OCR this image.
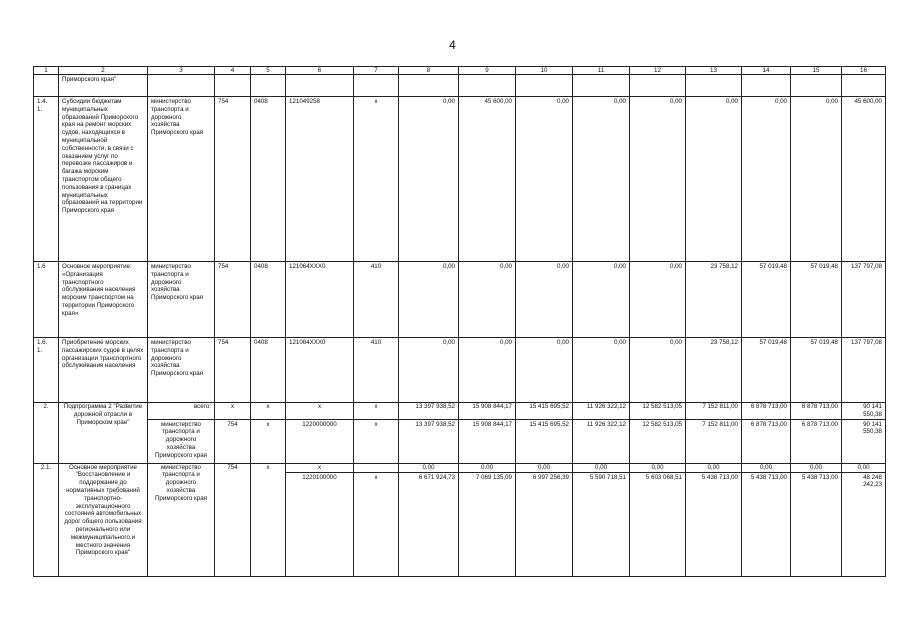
4
1	2	3	4	5	6	7	8	9	10	11	12	13	14	15	16
	Приморского края"														
1.4.
1.	Субсидии бюджетам муниципальных образований Приморского края на ремонт морских судов, находящихся в муниципальной собственности, в связи с оказанием услуг по перевозке пассажиров и багажа морским транспортом общего пользования в границах муниципальных образований на территории Приморского края	министерство транспорта и дорожного хозяйства Приморского края	754	0408	121049258	x	0,00	45 600,00	0,00	0,00	0,00	0,00	0,00	0,00	45 600,00
1.6	Основное мероприятие: «Организация транспортного обслуживания населения морским транспортом на территории Приморского края»	министерство транспорта и дорожного хозяйства Приморского края	754	0408	121064XXX0	410	0,00	0,00	0,00	0,00	0,00	23 758,12	57 019,48	57 019,48	137 797,08
1.6.
1.	Приобретение морских пассажирских судов в целях организации транспортного обслуживания населения	министерство транспорта и дорожного хозяйства Приморского края	754	0408	121064XXX0	410	0,00	0,00	0,00	0,00	0,00	23 758,12	57 019,48	57 019,48	137 797,08
2.	Подпрограмма 2 "Развитие дорожной отрасли в Приморском крае"	всего:	x	x	x	x	13 397 938,52	15 908 844,17	15 415 695,52	11 926 322,12	12 582 513,05	7 152 811,00	6 878 713,00	6 878 713,00	90 141 550,38
		министерство транспорта и дорожного хозяйства Приморского края	754	x	1220000000	x	13 397 938,52	15 908 844,17	15 415 695,52	11 926 322,12	12 582 513,05	7 152 811,00	6 878 713,00	6 878 713,00	90 141 550,38
2.1.	Основное мероприятие "Восстановление и поддержание до нормативных требований транспортно-эксплуатационного состояния автомобильных дорог общего пользования регионального или межмуниципального и местного значения Приморского края"	министерство транспорта и дорожного хозяйства Приморского края	754	x	x		0,00	0,00	0,00	0,00	0,00	0,00	0,00	0,00	0,00
					1220100000	x	6 671 924,73	7 069 135,09	6 997 256,39	5 590 718,51	5 603 068,51	5 438 713,00	5 438 713,00	5 438 713,00	48 248 242,23
